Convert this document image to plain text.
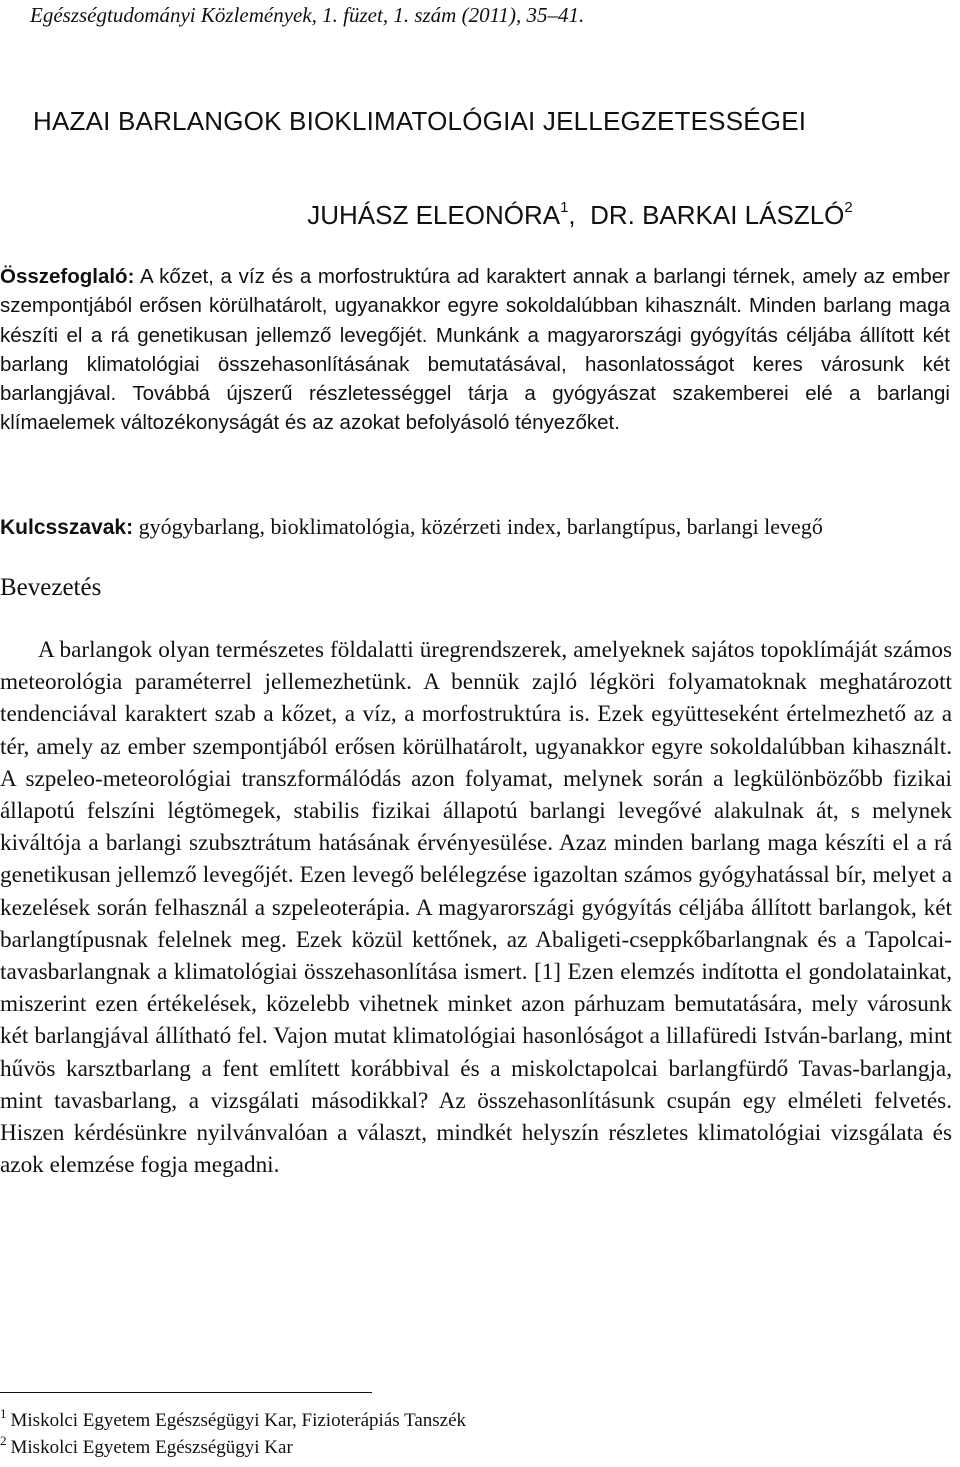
Egészségtudományi Közlemények, 1. füzet, 1. szám (2011), 35–41.
HAZAI BARLANGOK BIOKLIMATOLÓGIAI JELLEGZETESSÉGEI
JUHÁSZ ELEONÓRA$^1$, DR. BARKAI LÁSZLÓ$^2$
Összefoglaló: A kőzet, a víz és a morfostruktúra ad karaktert annak a barlangi térnek, amely az ember szempontjából erősen körülhatárolt, ugyanakkor egyre sokoldalúbban kihasznált. Minden barlang maga készíti el a rá genetikusan jellemző levegőjét. Munkánk a magyarországi gyógyítás céljába állított két barlang klimatológiai összehasonlításának bemutatásával, hasonlatosságot keres városunk két barlangjával. Továbbá újszerű részletességgel tárja a gyógyászat szakemberei elé a barlangi klímaelemek változékonyságát és az azokat befolyásoló tényezőket.
Kulcsszavak: gyógybarlang, bioklimatológia, közérzeti index, barlangtípus, barlangi levegő
Bevezetés
A barlangok olyan természetes földalatti üregrendszerek, amelyeknek sajátos topoklímáját számos meteorológia paraméterrel jellemezhetünk. A bennük zajló légköri folyamatoknak meghatározott tendenciával karaktert szab a kőzet, a víz, a morfostruktúra is. Ezek együtteseként értelmezhető az a tér, amely az ember szempontjából erősen körülhatárolt, ugyanakkor egyre sokoldalúbban kihasznált. A szpeleo-meteorológiai transzformálódás azon folyamat, melynek során a legkülönbözőbb fizikai állapotú felszíni légtömegek, stabilis fizikai állapotú barlangi levegővé alakulnak át, s melynek kiváltója a barlangi szubsztrátum hatásának érvényesülése. Azaz minden barlang maga készíti el a rá genetikusan jellemző levegőjét. Ezen levegő belélegzése igazoltan számos gyógyhatással bír, melyet a kezelések során felhasznál a szpeleoterápia. A magyarországi gyógyítás céljába állított barlangok, két barlangtípusnak felelnek meg. Ezek közül kettőnek, az Abaligeti-cseppkőbarlangnak és a Tapolcai-tavasbarlangnak a klimatológiai összehasonlítása ismert. [1] Ezen elemzés indította el gondolatainkat, miszerint ezen értékelések, közelebb vihetnek minket azon párhuzam bemutatására, mely városunk két barlangjával állítható fel. Vajon mutat klimatológiai hasonlóságot a lillafüredi István-barlang, mint hűvös karsztbarlang a fent említett korábbival és a miskolctapolcai barlangfürdő Tavas-barlangja, mint tavasbarlang, a vizsgálati másodikkal? Az összehasonlításunk csupán egy elméleti felvetés. Hiszen kérdésünkre nyilvánvalóan a választ, mindkét helyszín részletes klimatológiai vizsgálata és azok elemzése fogja megadni.
$^1$ Miskolci Egyetem Egészségügyi Kar, Fizioterápiás Tanszék
$^2$ Miskolci Egyetem Egészségügyi Kar
